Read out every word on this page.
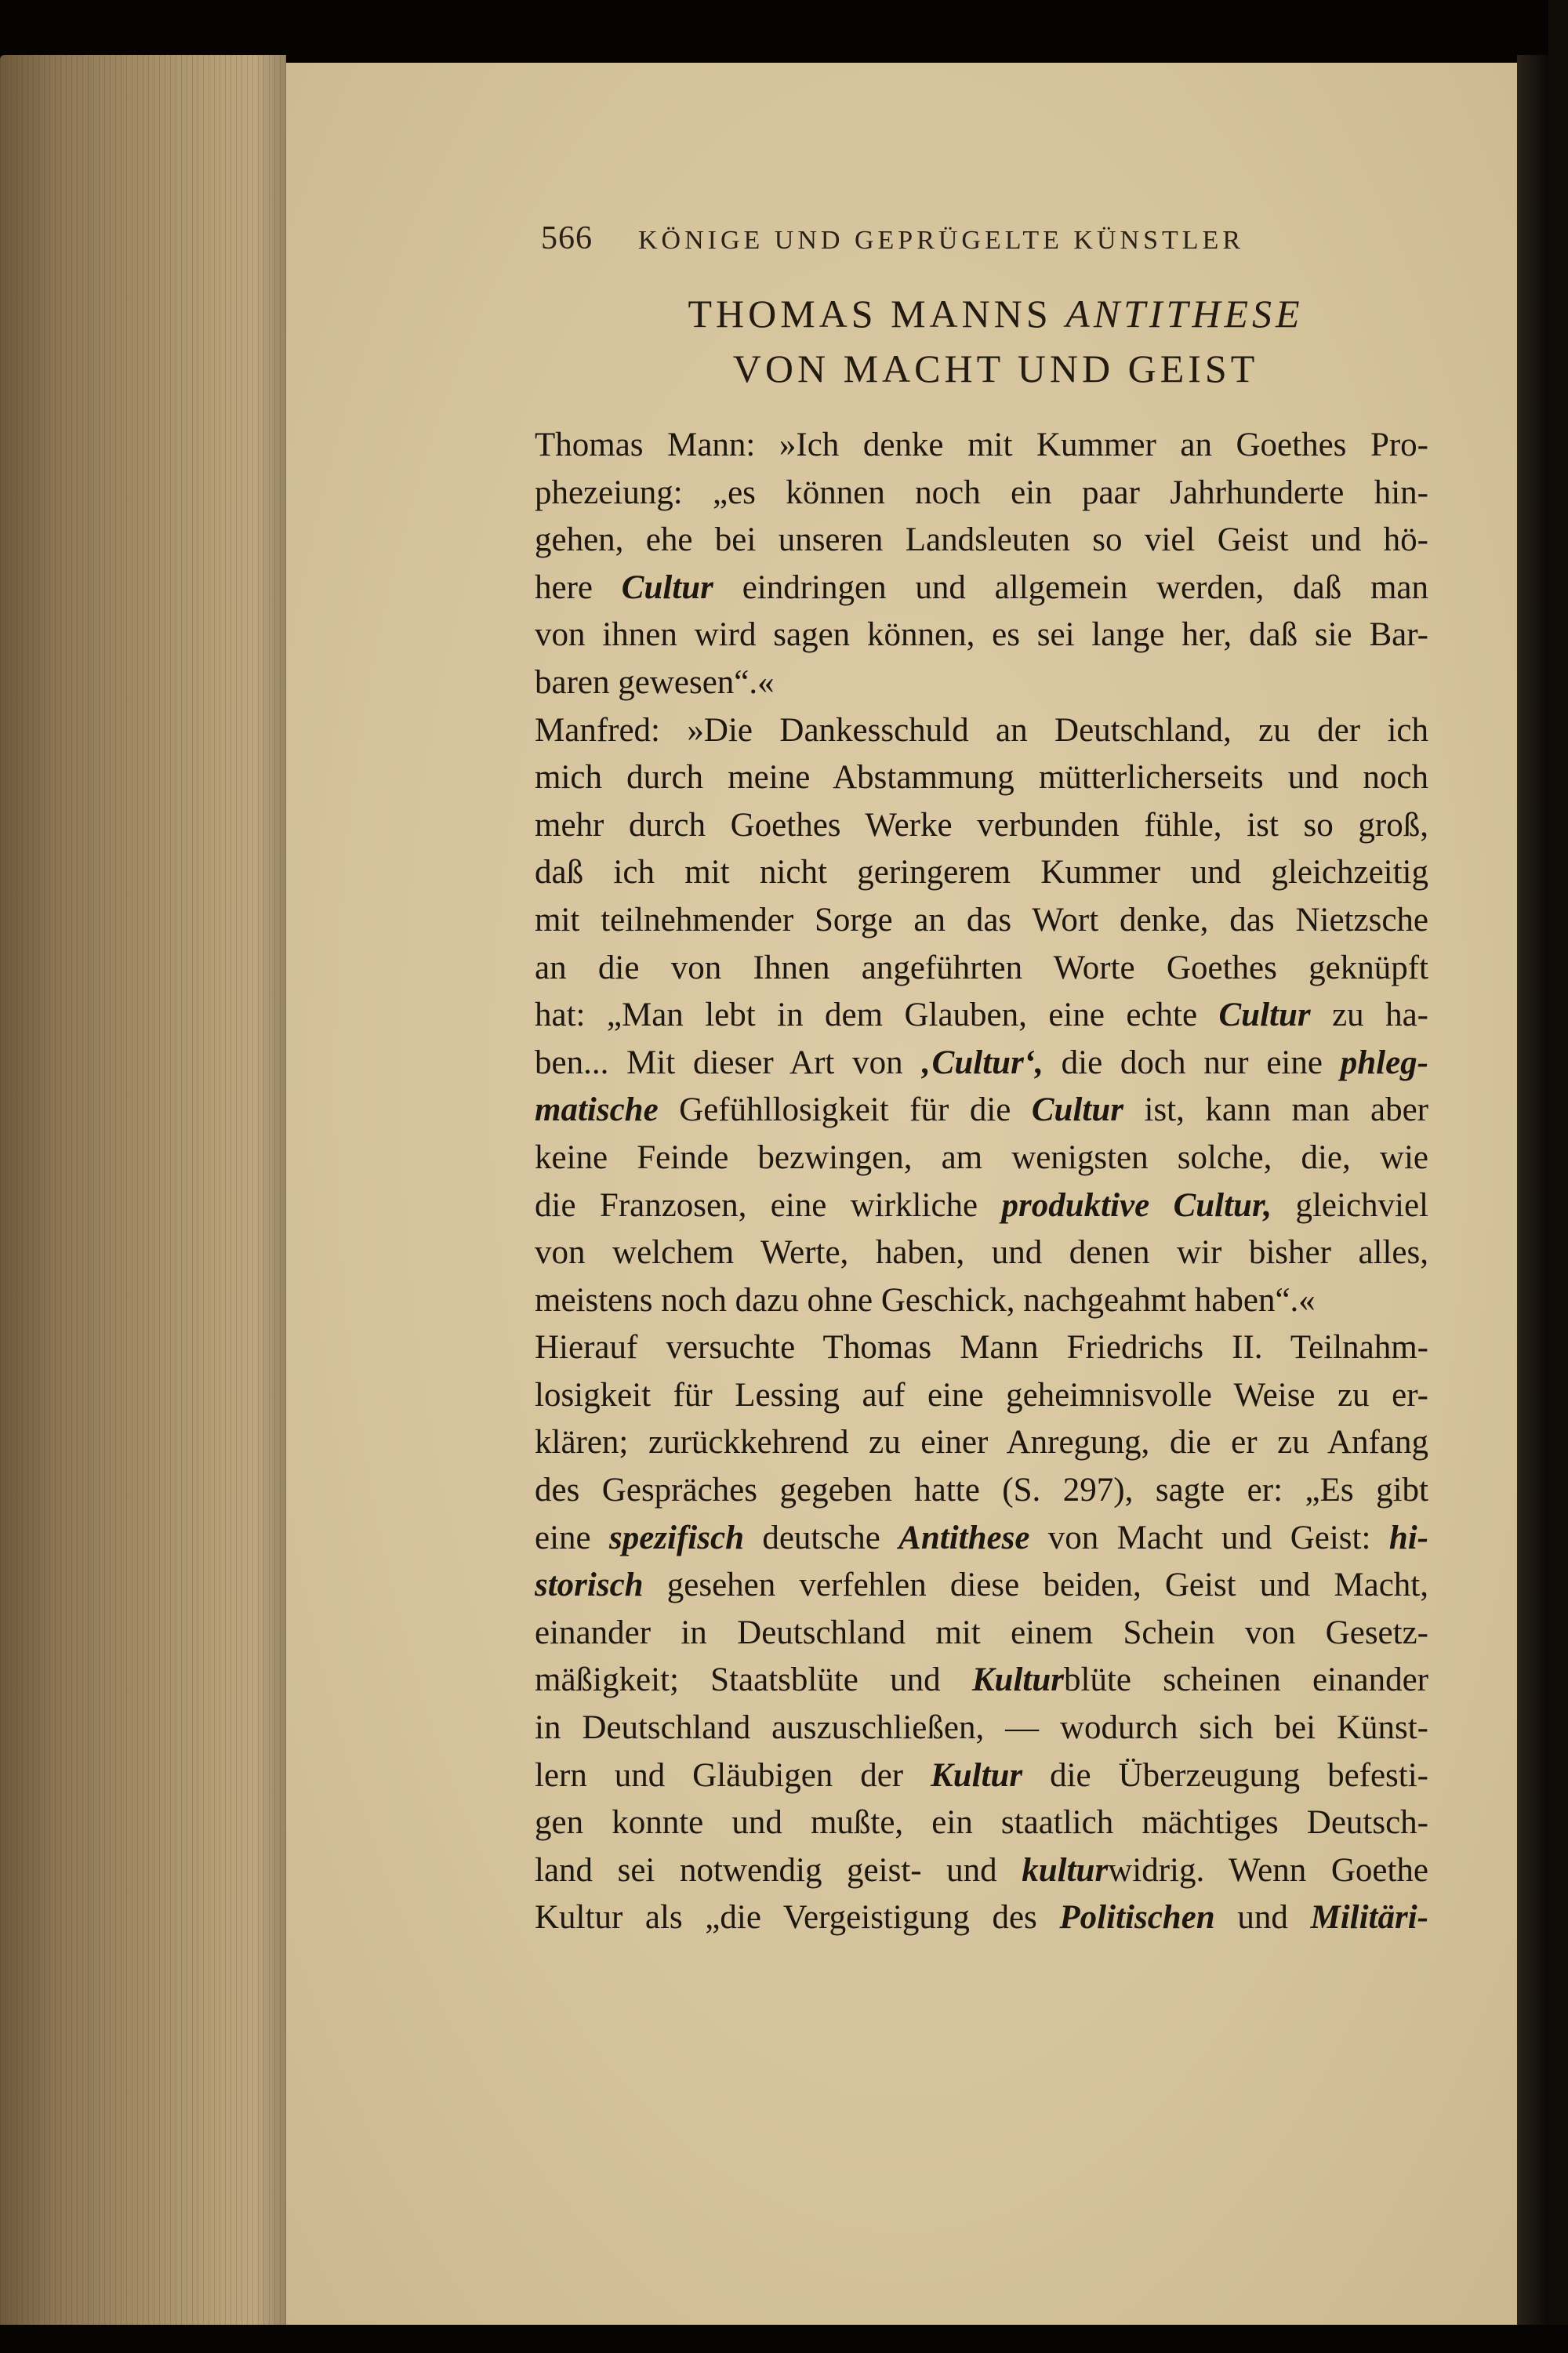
566 KÖNIGE UND GEPRÜGELTE KÜNSTLER
THOMAS MANNS ANTITHESE
VON MACHT UND GEIST
Thomas Mann: »Ich denke mit Kummer an Goethes Pro-
phezeiung: „es können noch ein paar Jahrhunderte hin-
gehen, ehe bei unseren Landsleuten so viel Geist und hö-
here Cultur eindringen und allgemein werden, daß man
von ihnen wird sagen können, es sei lange her, daß sie Bar-
baren gewesen“.«
Manfred: »Die Dankesschuld an Deutschland, zu der ich
mich durch meine Abstammung mütterlicherseits und noch
mehr durch Goethes Werke verbunden fühle, ist so groß,
daß ich mit nicht geringerem Kummer und gleichzeitig
mit teilnehmender Sorge an das Wort denke, das Nietzsche
an die von Ihnen angeführten Worte Goethes geknüpft
hat: „Man lebt in dem Glauben, eine echte Cultur zu ha-
ben... Mit dieser Art von ‚Cultur‘, die doch nur eine phleg-
matische Gefühllosigkeit für die Cultur ist, kann man aber
keine Feinde bezwingen, am wenigsten solche, die, wie
die Franzosen, eine wirkliche produktive Cultur, gleichviel
von welchem Werte, haben, und denen wir bisher alles,
meistens noch dazu ohne Geschick, nachgeahmt haben“.«
Hierauf versuchte Thomas Mann Friedrichs II. Teilnahm-
losigkeit für Lessing auf eine geheimnisvolle Weise zu er-
klären; zurückkehrend zu einer Anregung, die er zu Anfang
des Gespräches gegeben hatte (S. 297), sagte er: „Es gibt
eine spezifisch deutsche Antithese von Macht und Geist: hi-
storisch gesehen verfehlen diese beiden, Geist und Macht,
einander in Deutschland mit einem Schein von Gesetz-
mäßigkeit; Staatsblüte und Kulturblüte scheinen einander
in Deutschland auszuschließen, — wodurch sich bei Künst-
lern und Gläubigen der Kultur die Überzeugung befesti-
gen konnte und mußte, ein staatlich mächtiges Deutsch-
land sei notwendig geist- und kulturwidrig. Wenn Goethe
Kultur als „die Vergeistigung des Politischen und Militäri-
